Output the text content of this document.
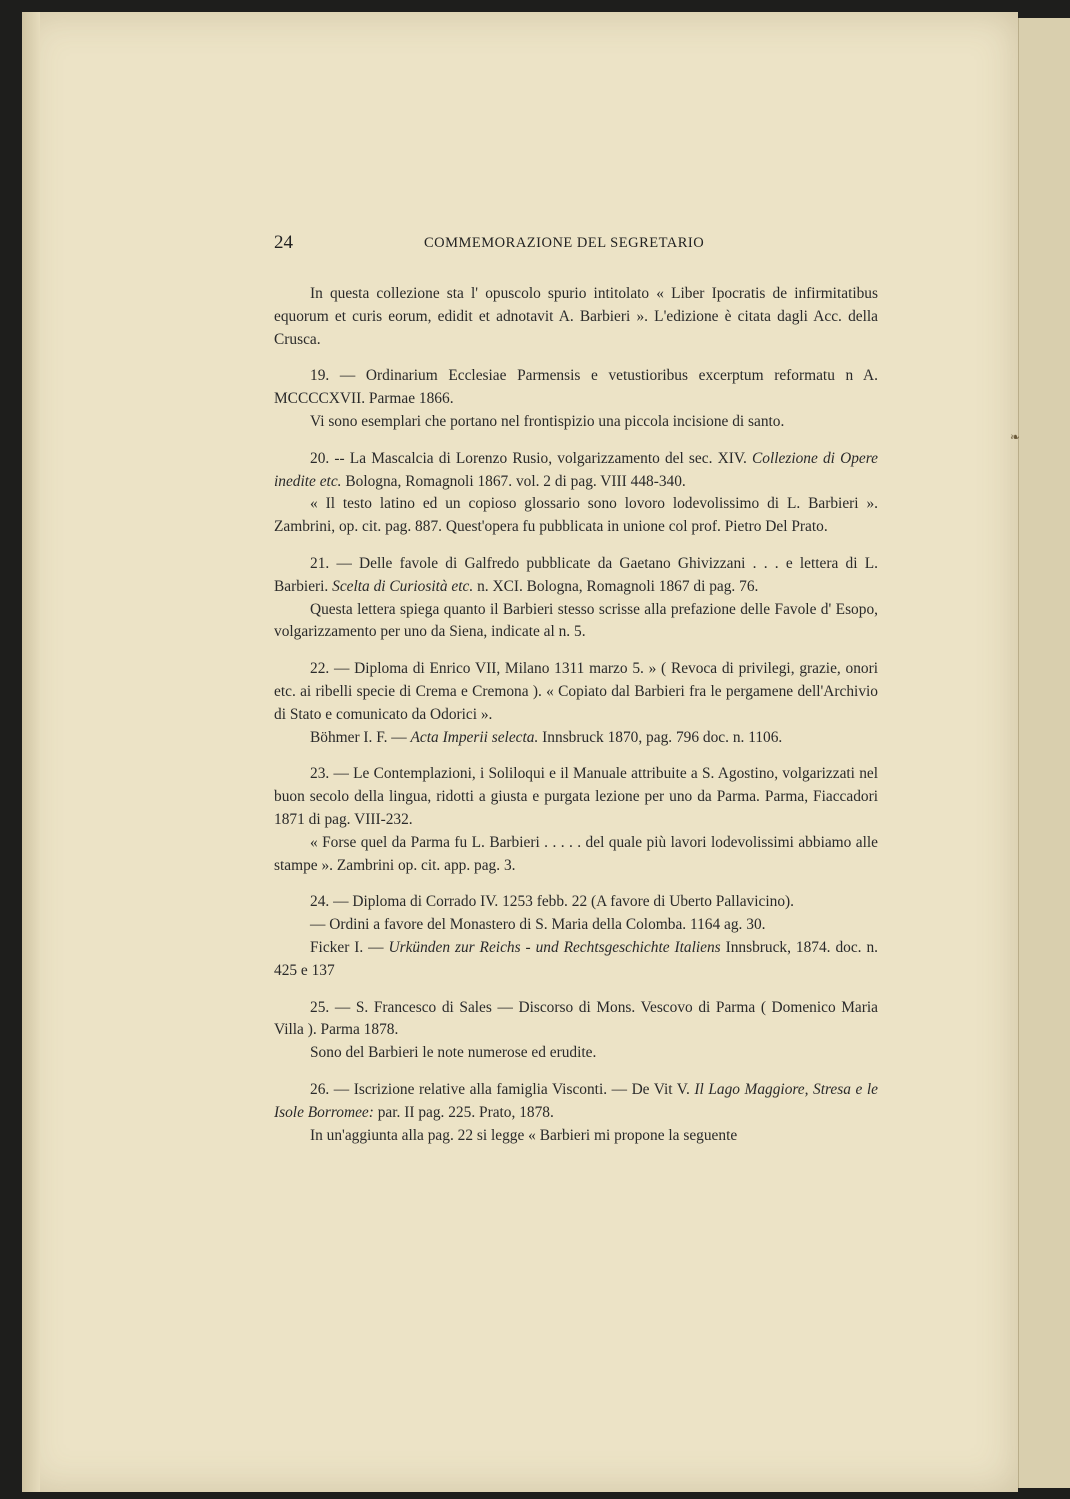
❧
24	COMMEMORAZIONE DEL SEGRETARIO

In questa collezione sta l' opuscolo spurio intitolato « Liber Ipocratis de infirmitatibus equorum et curis eorum, edidit et adnotavit A. Barbieri ». L'edizione è citata dagli Acc. della Crusca.

19. — Ordinarium Ecclesiae Parmensis e vetustioribus excerptum reformatu n A. MCCCCXVII. Parmae 1866.

Vi sono esemplari che portano nel frontispizio una piccola incisione di santo.

20. -- La Mascalcia di Lorenzo Rusio, volgarizzamento del sec. XIV. Collezione di Opere inedite etc. Bologna, Romagnoli 1867. vol. 2 di pag. VIII 448-340.

« Il testo latino ed un copioso glossario sono lovoro lodevolissimo di L. Barbieri ». Zambrini, op. cit. pag. 887. Quest'opera fu pubblicata in unione col prof. Pietro Del Prato.

21. — Delle favole di Galfredo pubblicate da Gaetano Ghivizzani . . . e lettera di L. Barbieri. Scelta di Curiosità etc. n. XCI. Bologna, Romagnoli 1867 di pag. 76.

Questa lettera spiega quanto il Barbieri stesso scrisse alla prefazione delle Favole d' Esopo, volgarizzamento per uno da Siena, indicate al n. 5.

22. — Diploma di Enrico VII, Milano 1311 marzo 5. » ( Revoca di privilegi, grazie, onori etc. ai ribelli specie di Crema e Cremona ). « Copiato dal Barbieri fra le pergamene dell'Archivio di Stato e comunicato da Odorici ».

Böhmer I. F. — Acta Imperii selecta. Innsbruck 1870, pag. 796 doc. n. 1106.

23. — Le Contemplazioni, i Soliloqui e il Manuale attribuite a S. Agostino, volgarizzati nel buon secolo della lingua, ridotti a giusta e purgata lezione per uno da Parma. Parma, Fiaccadori 1871 di pag. VIII-232.

« Forse quel da Parma fu L. Barbieri . . . . . del quale più lavori lodevolissimi abbiamo alle stampe ». Zambrini op. cit. app. pag. 3.

24. — Diploma di Corrado IV. 1253 febb. 22 (A favore di Uberto Pallavicino).

— Ordini a favore del Monastero di S. Maria della Colomba. 1164 ag. 30.

Ficker I. — Urkünden zur Reichs - und Rechtsgeschichte Italiens Innsbruck, 1874. doc. n. 425 e 137

25. — S. Francesco di Sales — Discorso di Mons. Vescovo di Parma ( Domenico Maria Villa ). Parma 1878.

Sono del Barbieri le note numerose ed erudite.

26. — Iscrizione relative alla famiglia Visconti. — De Vit V. Il Lago Maggiore, Stresa e le Isole Borromee: par. II pag. 225. Prato, 1878.

In un'aggiunta alla pag. 22 si legge « Barbieri mi propone la seguente
